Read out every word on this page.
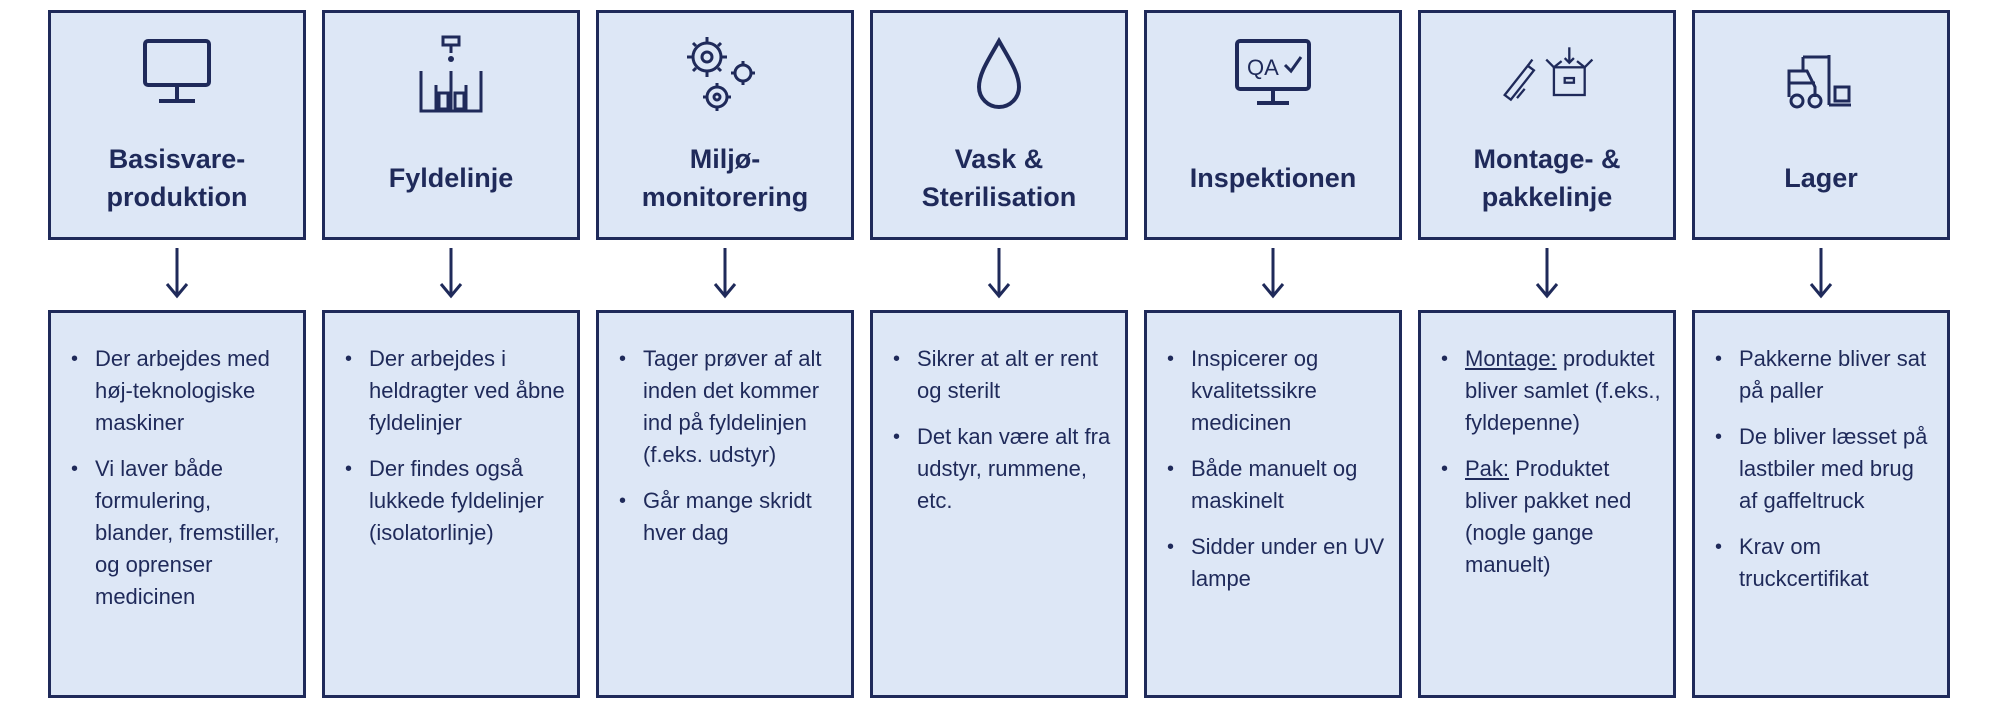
Basisvare-
produktion
• Der arbejdes med høj-teknologiske maskiner
• Vi laver både formulering, blander, fremstiller, og oprenser medicinen
Fyldelinje
• Der arbejdes i heldragter ved åbne fyldelinjer
• Der findes også lukkede fyldelinjer (isolatorlinje)
Miljø-
monitorering
• Tager prøver af alt inden det kommer ind på fyldelinjen (f.eks. udstyr)
• Går mange skridt hver dag
Vask &
Sterilisation
• Sikrer at alt er rent og sterilt
• Det kan være alt fra udstyr, rummene, etc.
QA
Inspektionen
• Inspicerer og kvalitetssikre medicinen
• Både manuelt og maskinelt
• Sidder under en UV lampe
Montage- &
pakkelinje
• Montage: produktet bliver samlet (f.eks., fyldepenne)
• Pak: Produktet bliver pakket ned (nogle gange manuelt)
Lager
• Pakkerne bliver sat på paller
• De bliver læsset på lastbiler med brug af gaffeltruck
• Krav om truckcertifikat
